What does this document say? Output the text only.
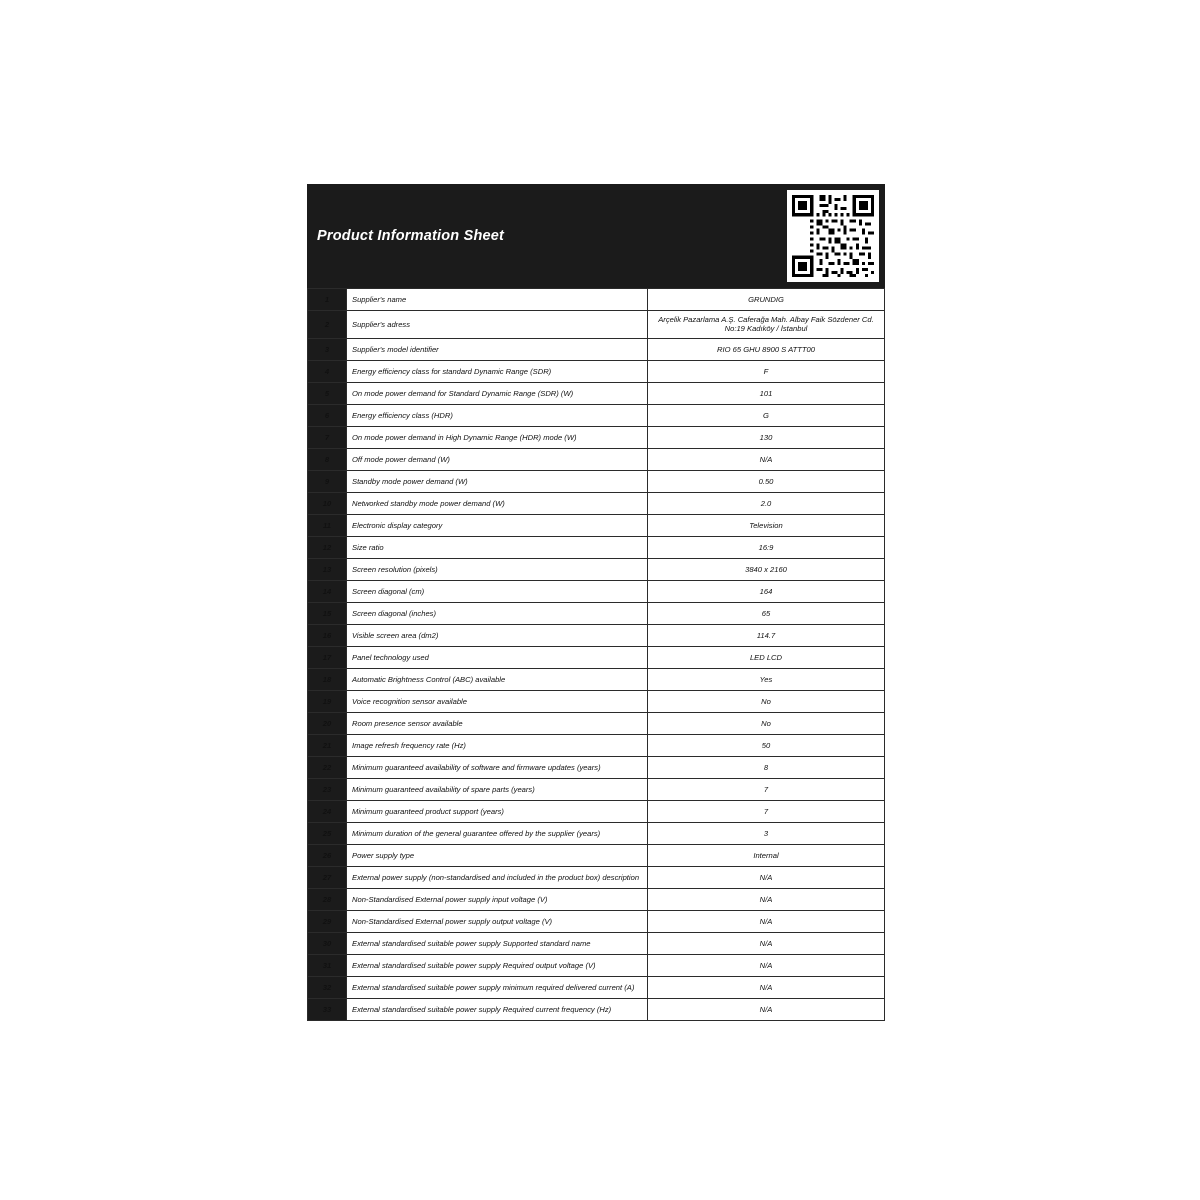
Product Information Sheet
1	Supplier's name	GRUNDIG
2	Supplier's adress	Arçelik Pazarlama A.Ş. Caferağa Mah. Albay Faik Sözdener Cd. No:19 Kadıköy / İstanbul
3	Supplier's model identifier	RIO 65 GHU 8900 S ATTT00
4	Energy efficiency class for standard Dynamic Range (SDR)	F
5	On mode power demand for Standard Dynamic Range (SDR) (W)	101
6	Energy efficiency class (HDR)	G
7	On mode power demand in High Dynamic Range (HDR) mode (W)	130
8	Off mode power demand (W)	N/A
9	Standby mode power demand (W)	0.50
10	Networked standby mode power demand (W)	2.0
11	Electronic display category	Television
12	Size ratio	16:9
13	Screen resolution (pixels)	3840 x 2160
14	Screen diagonal (cm)	164
15	Screen diagonal (inches)	65
16	Visible screen area (dm2)	114.7
17	Panel technology used	LED LCD
18	Automatic Brightness Control (ABC) available	Yes
19	Voice recognition sensor available	No
20	Room presence sensor available	No
21	Image refresh frequency rate (Hz)	50
22	Minimum guaranteed availability of software and firmware updates (years)	8
23	Minimum guaranteed availability of spare parts (years)	7
24	Minimum guaranteed product support (years)	7
25	Minimum duration of the general guarantee offered by the supplier (years)	3
26	Power supply type	Internal
27	External power supply (non-standardised and included in the product box) description	N/A
28	Non-Standardised External power supply input voltage (V)	N/A
29	Non-Standardised External power supply output voltage (V)	N/A
30	External standardised suitable power supply Supported standard name	N/A
31	External standardised suitable power supply Required output voltage (V)	N/A
32	External standardised suitable power supply minimum required delivered current (A)	N/A
33	External standardised suitable power supply Required current frequency (Hz)	N/A
